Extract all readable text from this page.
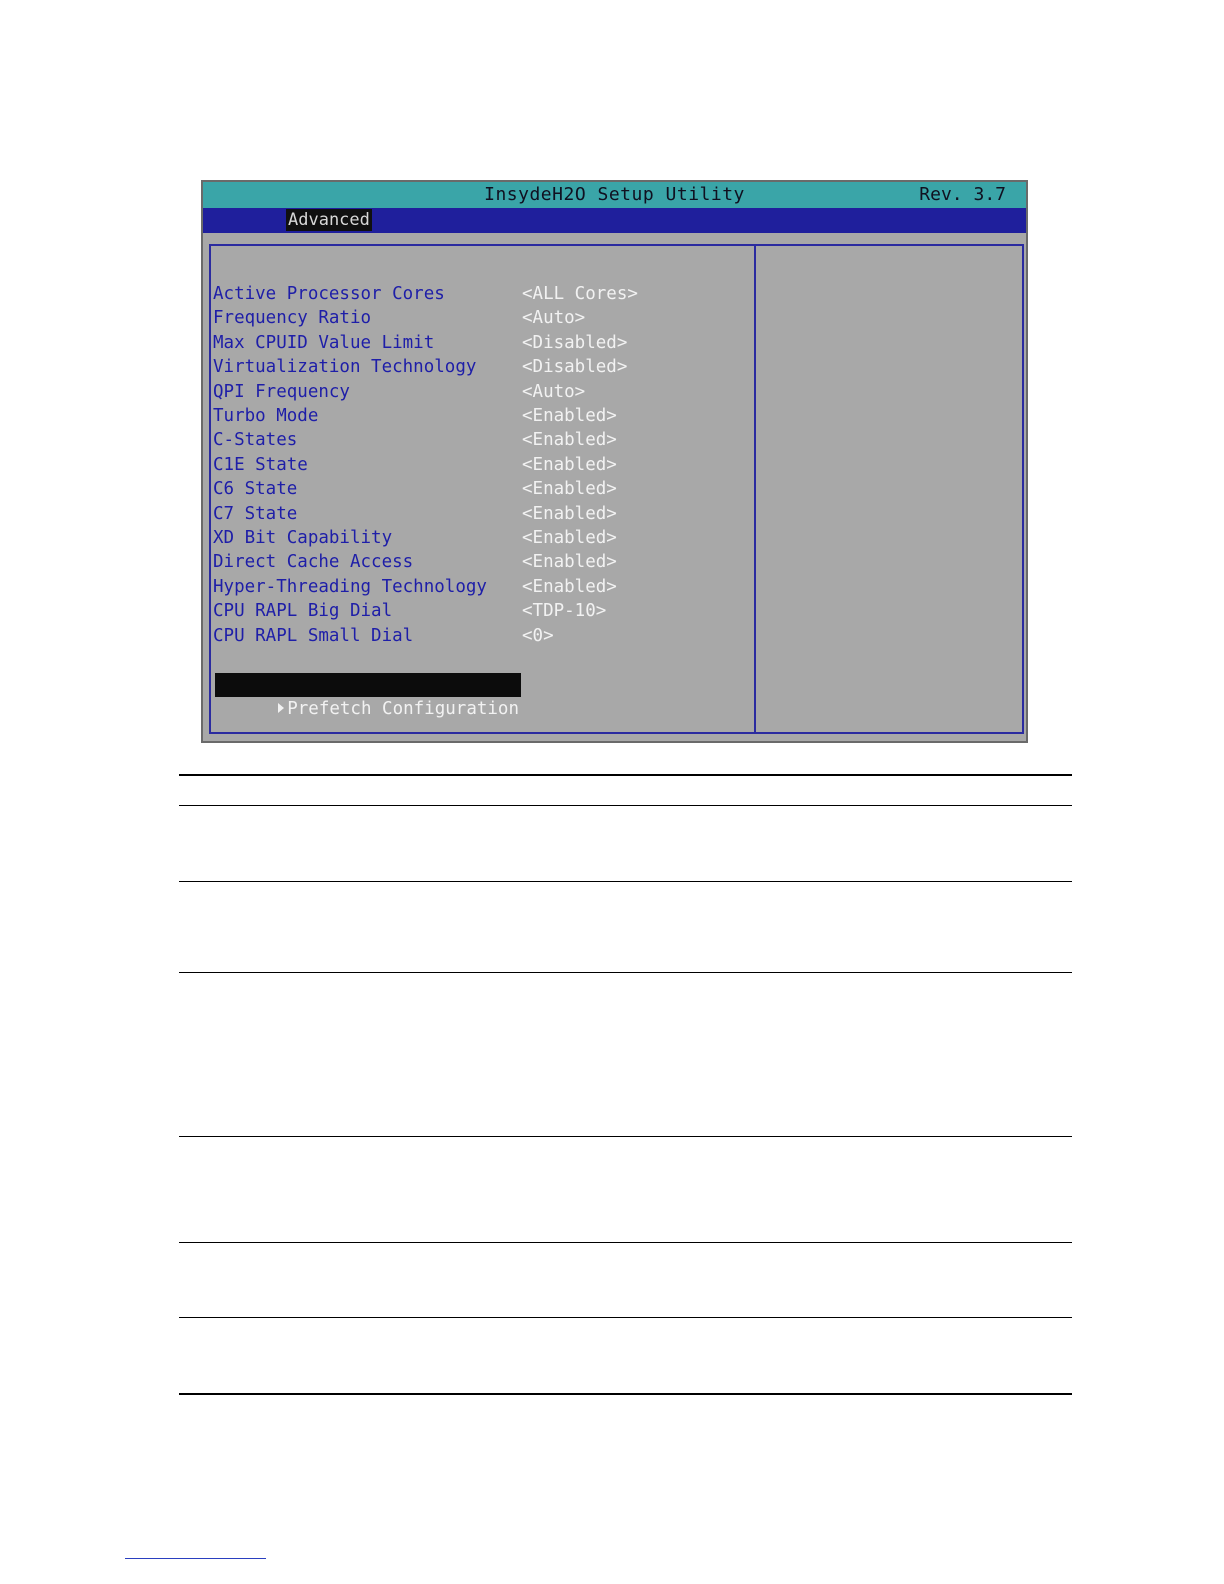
InsydeH2O Setup Utility	Rev. 3.7
Advanced
Active Processor Cores	<ALL Cores>
Frequency Ratio	<Auto>
Max CPUID Value Limit	<Disabled>
Virtualization Technology	<Disabled>
QPI Frequency	<Auto>
Turbo Mode	<Enabled>
C-States	<Enabled>
C1E State	<Enabled>
C6 State	<Enabled>
C7 State	<Enabled>
XD Bit Capability	<Enabled>
Direct Cache Access	<Enabled>
Hyper-Threading Technology <Enabled>
CPU RAPL Big Dial	<TDP-10>
CPU RAPL Small Dial	<0>

Prefetch Configuration
